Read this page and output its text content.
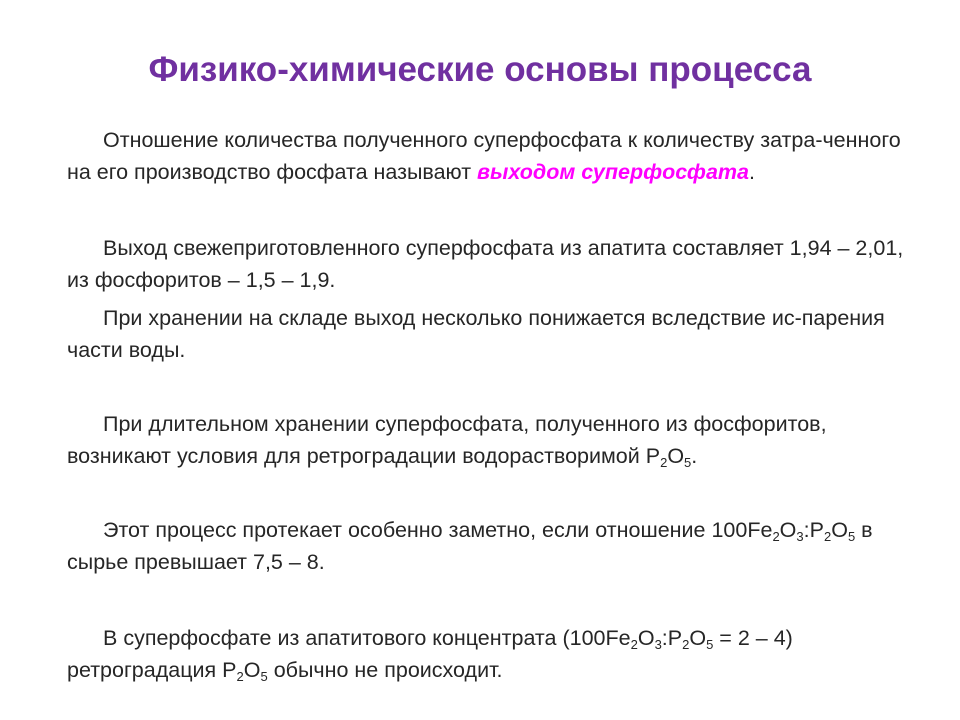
Физико-химические основы процесса

Отношение количества полученного суперфосфата к количеству затра-ченного на его производство фосфата называют выходом суперфосфата.

Выход свежеприготовленного суперфосфата из апатита составляет 1,94 – 2,01, из фосфоритов – 1,5 – 1,9.

При хранении на складе выход несколько понижается вследствие ис-парения части воды.

При длительном хранении суперфосфата, полученного из фосфоритов, возникают условия для ретроградации водорастворимой $P_2O_5$.

Этот процесс протекает особенно заметно, если отношение $100Fe_2O_3:P_2O_5$ в сырье превышает 7,5 – 8.

В суперфосфате из апатитового концентрата $(100Fe_2O_3:P_2O_5 = 2 - 4)$ ретроградация $P_2O_5$ обычно не происходит.
